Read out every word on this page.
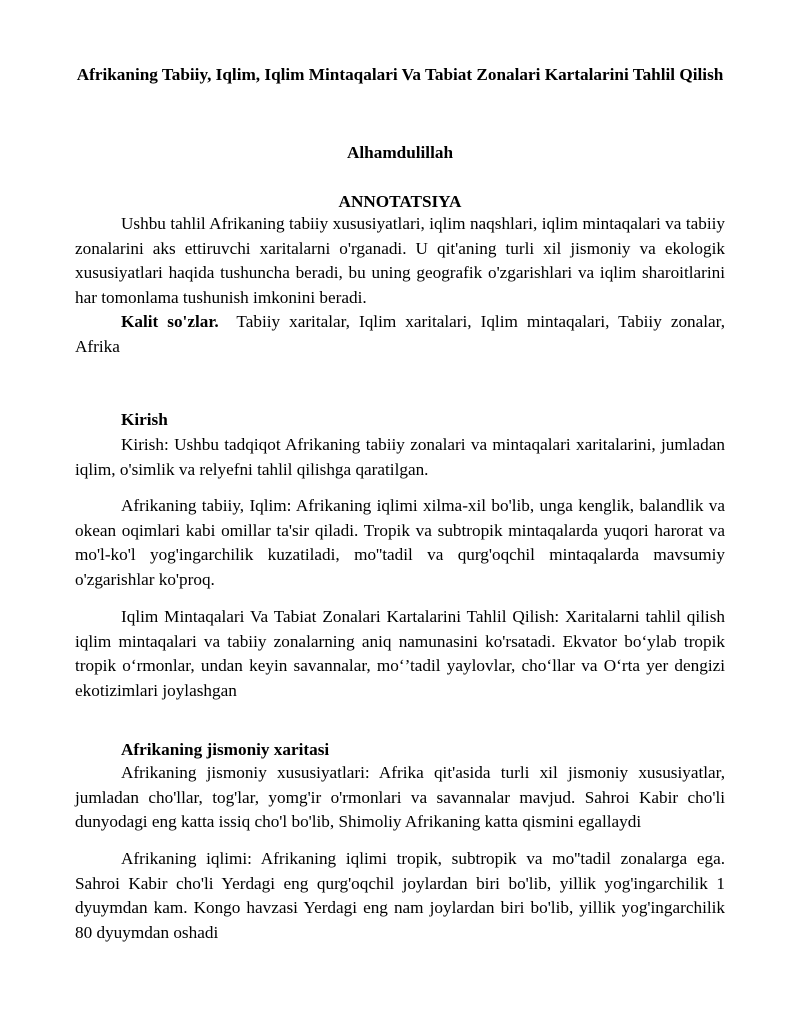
Afrikaning Tabiiy, Iqlim, Iqlim Mintaqalari Va Tabiat Zonalari Kartalarini Tahlil Qilish

Alhamdulillah

ANNOTATSIYA

Ushbu tahlil Afrikaning tabiiy xususiyatlari, iqlim naqshlari, iqlim mintaqalari va tabiiy zonalarini aks ettiruvchi xaritalarni o'rganadi. U qit'aning turli xil jismoniy va ekologik xususiyatlari haqida tushuncha beradi, bu uning geografik o'zgarishlari va iqlim sharoitlarini har tomonlama tushunish imkonini beradi.

Kalit so'zlar. Tabiiy xaritalar, Iqlim xaritalari, Iqlim mintaqalari, Tabiiy zonalar, Afrika

Kirish

Kirish: Ushbu tadqiqot Afrikaning tabiiy zonalari va mintaqalari xaritalarini, jumladan iqlim, o'simlik va relyefni tahlil qilishga qaratilgan.

Afrikaning tabiiy, Iqlim: Afrikaning iqlimi xilma-xil bo'lib, unga kenglik, balandlik va okean oqimlari kabi omillar ta'sir qiladi. Tropik va subtropik mintaqalarda yuqori harorat va mo'l-ko'l yog'ingarchilik kuzatiladi, mo''tadil va qurg'oqchil mintaqalarda mavsumiy o'zgarishlar ko'proq.

Iqlim Mintaqalari Va Tabiat Zonalari Kartalarini Tahlil Qilish: Xaritalarni tahlil qilish iqlim mintaqalari va tabiiy zonalarning aniq namunasini ko'rsatadi. Ekvator bo‘ylab tropik tropik o‘rmonlar, undan keyin savannalar, mo‘’tadil yaylovlar, cho‘llar va O‘rta yer dengizi ekotizimlari joylashgan

Afrikaning jismoniy xaritasi

Afrikaning jismoniy xususiyatlari: Afrika qit'asida turli xil jismoniy xususiyatlar, jumladan cho'llar, tog'lar, yomg'ir o'rmonlari va savannalar mavjud. Sahroi Kabir cho'li dunyodagi eng katta issiq cho'l bo'lib, Shimoliy Afrikaning katta qismini egallaydi

Afrikaning iqlimi: Afrikaning iqlimi tropik, subtropik va mo''tadil zonalarga ega. Sahroi Kabir cho'li Yerdagi eng qurg'oqchil joylardan biri bo'lib, yillik yog'ingarchilik 1 dyuymdan kam. Kongo havzasi Yerdagi eng nam joylardan biri bo'lib, yillik yog'ingarchilik 80 dyuymdan oshadi
